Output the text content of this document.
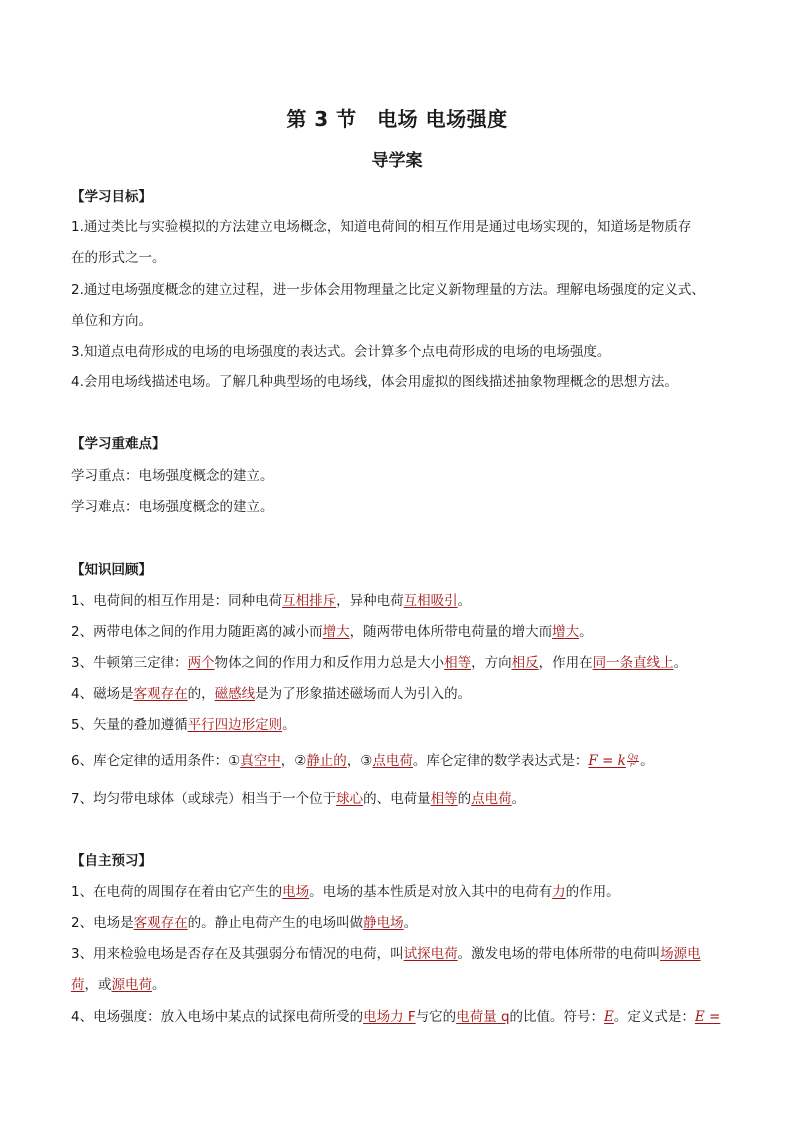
第 3 节　电场 电场强度
导学案
【学习目标】
1.通过类比与实验模拟的方法建立电场概念，知道电荷间的相互作用是通过电场实现的，知道场是物质存
在的形式之一。
2.通过电场强度概念的建立过程，进一步体会用物理量之比定义新物理量的方法。理解电场强度的定义式、
单位和方向。
3.知道点电荷形成的电场的电场强度的表达式。会计算多个点电荷形成的电场的电场强度。
4.会用电场线描述电场。了解几种典型场的电场线，体会用虚拟的图线描述抽象物理概念的思想方法。
【学习重难点】
学习重点：电场强度概念的建立。
学习难点：电场强度概念的建立。
【知识回顾】
1、电荷间的相互作用是：同种电荷互相排斥，异种电荷互相吸引。
2、两带电体之间的作用力随距离的减小而增大，随两带电体所带电荷量的增大而增大。
3、牛顿第三定律：两个物体之间的作用力和反作用力总是大小相等，方向相反，作用在同一条直线上。
4、磁场是客观存在的，磁感线是为了形象描述磁场而人为引入的。
5、矢量的叠加遵循平行四边形定则。
6、库仑定律的适用条件：①真空中，②静止的，③点电荷。库仑定律的数学表达式是：F = k $\frac{Qq}{\text{r²}}$ 。
7、均匀带电球体（或球壳）相当于一个位于球心的、电荷量相等的点电荷。
【自主预习】
1、在电荷的周围存在着由它产生的电场。电场的基本性质是对放入其中的电荷有力的作用。
2、电场是客观存在的。静止电荷产生的电场叫做静电场。
3、用来检验电场是否存在及其强弱分布情况的电荷，叫试探电荷。激发电场的带电体所带的电荷叫场源电
荷，或源电荷。
4、电场强度：放入电场中某点的试探电荷所受的电场力 F与它的电荷量 q的比值。符号：E。定义式是：E =
